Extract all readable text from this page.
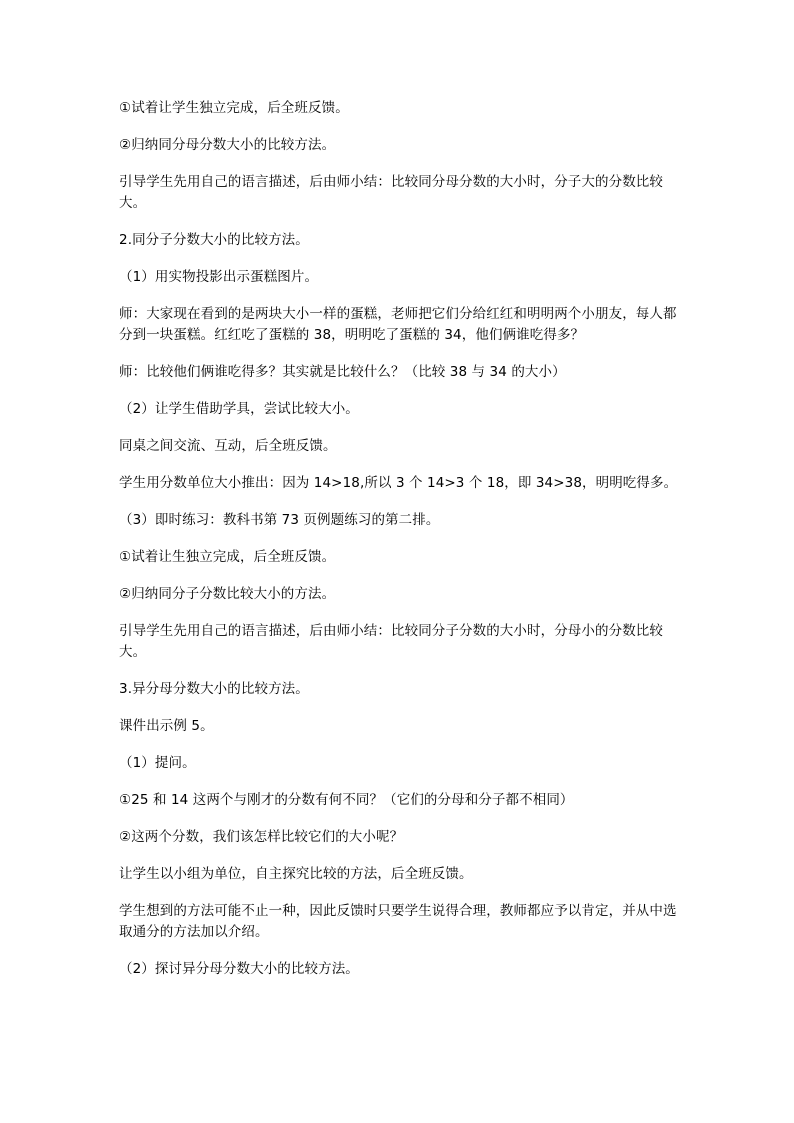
①试着让学生独立完成，后全班反馈。

②归纳同分母分数大小的比较方法。

引导学生先用自己的语言描述，后由师小结：比较同分母分数的大小时，分子大的分数比较大。

2.同分子分数大小的比较方法。

（1）用实物投影出示蛋糕图片。

师：大家现在看到的是两块大小一样的蛋糕，老师把它们分给红红和明明两个小朋友，每人都分到一块蛋糕。红红吃了蛋糕的 38，明明吃了蛋糕的 34，他们俩谁吃得多？

师：比较他们俩谁吃得多？其实就是比较什么？（比较 38 与 34 的大小）

（2）让学生借助学具，尝试比较大小。

同桌之间交流、互动，后全班反馈。

学生用分数单位大小推出：因为 14>18,所以 3 个 14>3 个 18，即 34>38，明明吃得多。

（3）即时练习：教科书第 73 页例题练习的第二排。

①试着让生独立完成，后全班反馈。

②归纳同分子分数比较大小的方法。

引导学生先用自己的语言描述，后由师小结：比较同分子分数的大小时，分母小的分数比较大。

3.异分母分数大小的比较方法。

课件出示例 5。

（1）提问。

①25 和 14 这两个与刚才的分数有何不同？（它们的分母和分子都不相同）

②这两个分数，我们该怎样比较它们的大小呢？

让学生以小组为单位，自主探究比较的方法，后全班反馈。

学生想到的方法可能不止一种，因此反馈时只要学生说得合理，教师都应予以肯定，并从中选取通分的方法加以介绍。

（2）探讨异分母分数大小的比较方法。
